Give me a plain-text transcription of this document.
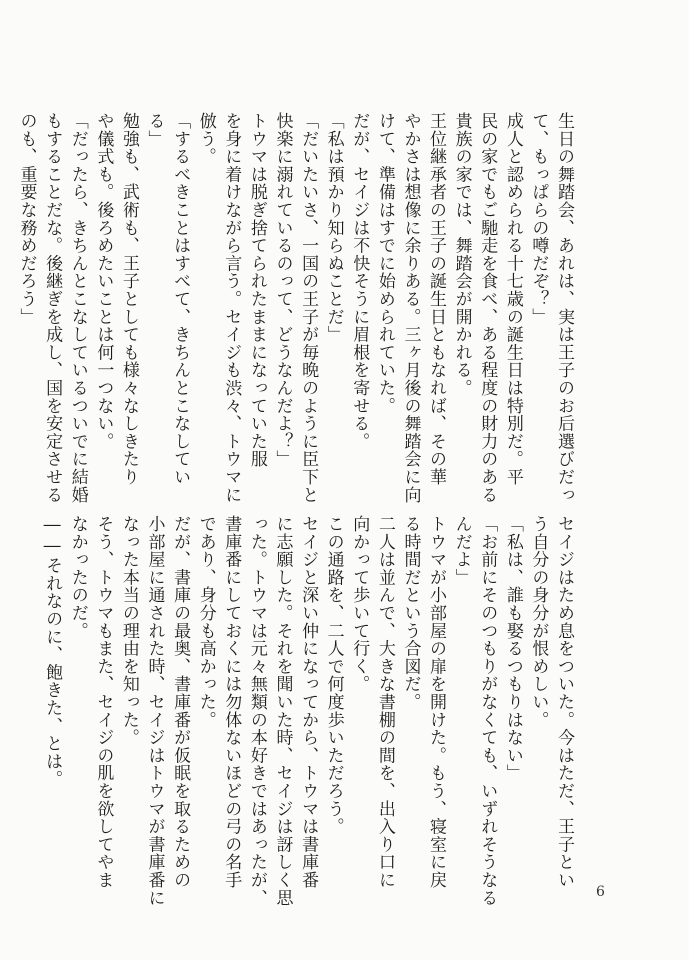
生日の舞踏会、あれは、実は王子のお后選びだっ
て、もっぱらの噂だぞ？」
成人と認められる十七歳の誕生日は特別だ。平
民の家でもご馳走を食べ、ある程度の財力のある
貴族の家では、舞踏会が開かれる。
王位継承者の王子の誕生日ともなれば、その華
やかさは想像に余りある。三ヶ月後の舞踏会に向
けて、準備はすでに始められていた。
だが、セイジは不快そうに眉根を寄せる。
「私は預かり知らぬことだ」
「だいたいさ、一国の王子が毎晩のように臣下と
快楽に溺れているのって、どうなんだよ？」
トウマは脱ぎ捨てられたままになっていた服
を身に着けながら言う。セイジも渋々、トウマに
倣う。
「するべきことはすべて、きちんとこなしてい
る」
勉強も、武術も、王子としても様々なしきたり
や儀式も。後ろめたいことは何一つない。
「だったら、きちんとこなしているついでに結婚
もすることだな。後継ぎを成し、国を安定させる
のも、重要な務めだろう」
セイジはため息をついた。今はただ、王子とい
う自分の身分が恨めしい。
「私は、誰も娶るつもりはない」
「お前にそのつもりがなくても、いずれそうなる
んだよ」
トウマが小部屋の扉を開けた。もう、寝室に戻
る時間だという合図だ。
二人は並んで、大きな書棚の間を、出入り口に
向かって歩いて行く。
この通路を、二人で何度歩いただろう。
セイジと深い仲になってから、トウマは書庫番
に志願した。それを聞いた時、セイジは訝しく思
った。トウマは元々無類の本好きではあったが、
書庫番にしておくには勿体ないほどの弓の名手
であり、身分も高かった。
だが、書庫の最奥、書庫番が仮眠を取るための
小部屋に通された時、セイジはトウマが書庫番に
なった本当の理由を知った。
そう、トウマもまた、セイジの肌を欲してやま
なかったのだ。
――それなのに、飽きた、とは。
6
